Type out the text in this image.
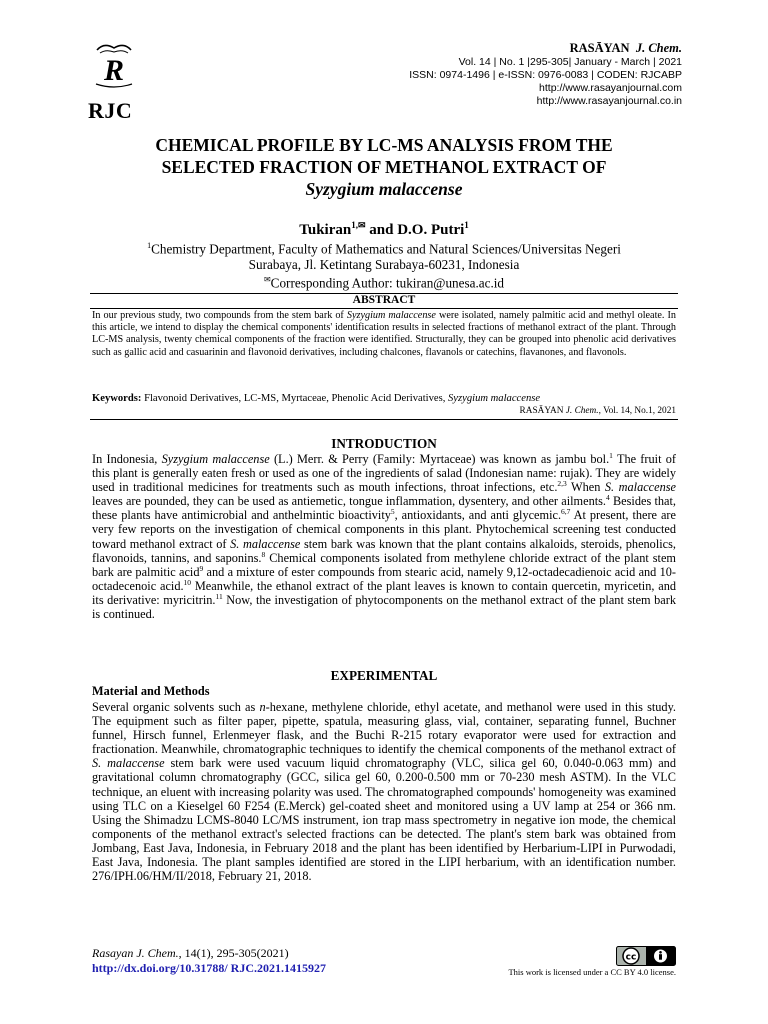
R
RJC
RASĀYAN J. Chem.
Vol. 14 | No. 1 |295-305| January - March | 2021
ISSN: 0974-1496 | e-ISSN: 0976-0083 | CODEN: RJCABP
http://www.rasayanjournal.com
http://www.rasayanjournal.co.in
CHEMICAL PROFILE BY LC-MS ANALYSIS FROM THE
SELECTED FRACTION OF METHANOL EXTRACT OF
Syzygium malaccense
Tukiran$^{1,✉}$ and D.O. Putri$^1$
$^1$Chemistry Department, Faculty of Mathematics and Natural Sciences/Universitas Negeri
Surabaya, Jl. Ketintang Surabaya-60231, Indonesia
✉Corresponding Author: tukiran@unesa.ac.id
ABSTRACT
In our previous study, two compounds from the stem bark of Syzygium malaccense were isolated, namely palmitic acid and methyl oleate. In this article, we intend to display the chemical components' identification results in selected fractions of methanol extract of the plant. Through LC-MS analysis, twenty chemical components of the fraction were identified. Structurally, they can be grouped into phenolic acid derivatives such as gallic acid and casuarinin and flavonoid derivatives, including chalcones, flavanols or catechins, flavanones, and flavonols.
Keywords: Flavonoid Derivatives, LC-MS, Myrtaceae, Phenolic Acid Derivatives, Syzygium malaccense
RASĀYAN J. Chem., Vol. 14, No.1, 2021
INTRODUCTION
In Indonesia, Syzygium malaccense (L.) Merr. & Perry (Family: Myrtaceae) was known as jambu bol.$^1$ The fruit of this plant is generally eaten fresh or used as one of the ingredients of salad (Indonesian name: rujak). They are widely used in traditional medicines for treatments such as mouth infections, throat infections, etc.$^{2,3}$ When S. malaccense leaves are pounded, they can be used as antiemetic, tongue inflammation, dysentery, and other ailments.$^4$ Besides that, these plants have antimicrobial and anthelmintic bioactivity$^5$, antioxidants, and anti glycemic.$^{6,7}$ At present, there are very few reports on the investigation of chemical components in this plant. Phytochemical screening test conducted toward methanol extract of S. malaccense stem bark was known that the plant contains alkaloids, steroids, phenolics, flavonoids, tannins, and saponins.$^8$ Chemical components isolated from methylene chloride extract of the plant stem bark are palmitic acid$^9$ and a mixture of ester compounds from stearic acid, namely 9,12-octadecadienoic acid and 10-octadecenoic acid.$^{10}$ Meanwhile, the ethanol extract of the plant leaves is known to contain quercetin, myricetin, and its derivative: myricitrin.$^{11}$ Now, the investigation of phytocomponents on the methanol extract of the plant stem bark is continued.
EXPERIMENTAL
Material and Methods
Several organic solvents such as n-hexane, methylene chloride, ethyl acetate, and methanol were used in this study. The equipment such as filter paper, pipette, spatula, measuring glass, vial, container, separating funnel, Buchner funnel, Hirsch funnel, Erlenmeyer flask, and the Buchi R-215 rotary evaporator were used for extraction and fractionation. Meanwhile, chromatographic techniques to identify the chemical components of the methanol extract of S. malaccense stem bark were used vacuum liquid chromatography (VLC, silica gel 60, 0.040-0.063 mm) and gravitational column chromatography (GCC, silica gel 60, 0.200-0.500 mm or 70-230 mesh ASTM). In the VLC technique, an eluent with increasing polarity was used. The chromatographed compounds' homogeneity was examined using TLC on a Kieselgel 60 F254 (E.Merck) gel-coated sheet and monitored using a UV lamp at 254 or 366 nm. Using the Shimadzu LCMS-8040 LC/MS instrument, ion trap mass spectrometry in negative ion mode, the chemical components of the methanol extract's selected fractions can be detected. The plant's stem bark was obtained from Jombang, East Java, Indonesia, in February 2018 and the plant has been identified by Herbarium-LIPI in Purwodadi, East Java, Indonesia. The plant samples identified are stored in the LIPI herbarium, with an identification number. 276/IPH.06/HM/II/2018, February 21, 2018.
Rasayan J. Chem., 14(1), 295-305(2021)
http://dx.doi.org/10.31788/ RJC.2021.1415927
cc
This work is licensed under a CC BY 4.0 license.
